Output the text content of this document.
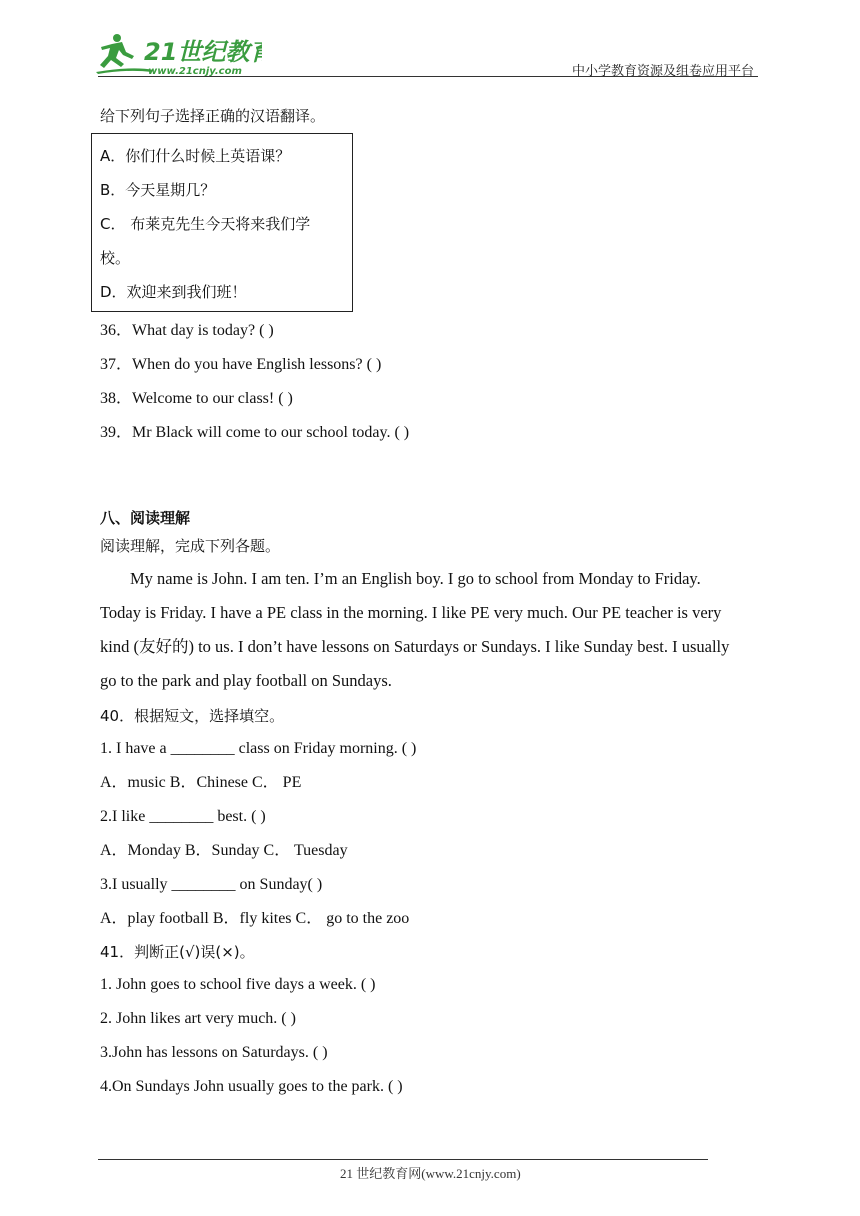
21世纪教育
www.21cnjy.com	中小学教育资源及组卷应用平台
给下列句子选择正确的汉语翻译。
A．你们什么时候上英语课？
B．今天星期几？
C． 布莱克先生今天将来我们学
校。
D．欢迎来到我们班！
36．What day is today? ( )
37．When do you have English lessons? ( )
38．Welcome to our class! ( )
39．Mr Black will come to our school today. ( )
八、阅读理解
阅读理解，完成下列各题。
My name is John. I am ten. I’m an English boy. I go to school from Monday to Friday.
Today is Friday. I have a PE class in the morning. I like PE very much. Our PE teacher is very
kind (友好的) to us. I don’t have lessons on Saturdays or Sundays. I like Sunday best. I usually
go to the park and play football on Sundays.
40．根据短文，选择填空。
1. I have a ________ class on Friday morning. ( )
A．music B．Chinese C． PE
2.I like ________ best. ( )
A．Monday B．Sunday C． Tuesday
3.I usually ________ on Sunday( )
A．play football B．fly kites C． go to the zoo
41．判断正(√)误(×)。
1. John goes to school five days a week. ( )
2. John likes art very much. ( )
3.John has lessons on Saturdays. ( )
4.On Sundays John usually goes to the park. ( )
21 世纪教育网(www.21cnjy.com)
